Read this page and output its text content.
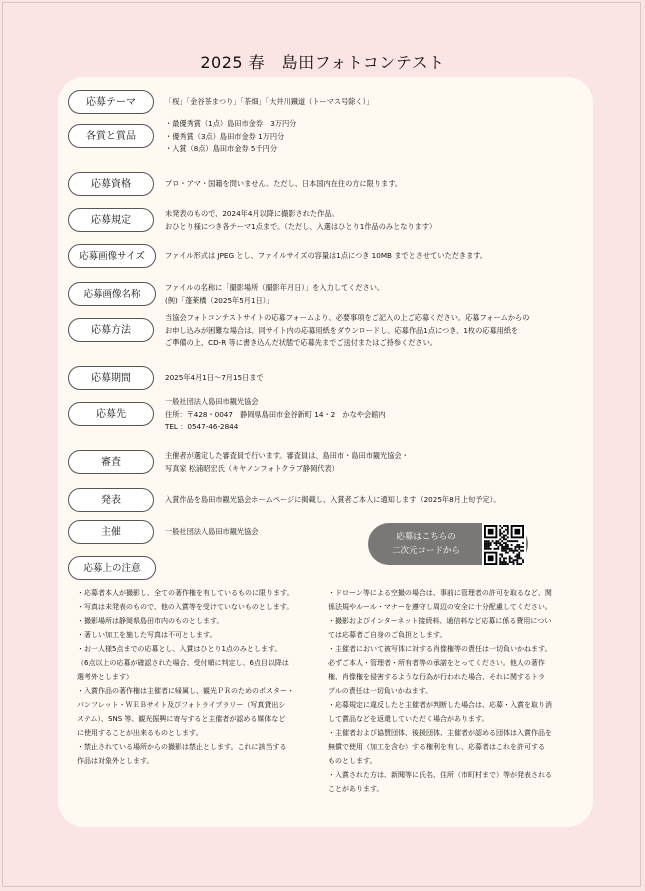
2025 春　島田フォトコンテスト
応募テーマ	「桜」「金谷茶まつり」「茶畑」「大井川鐵道（トーマス号除く）」
各賞と賞品
・最優秀賞（1点）島田市金券　3万円分
・優秀賞（3点）島田市金券 1万円分
・入賞（8点）島田市金券 5千円分
応募資格	プロ・アマ・国籍を問いません。ただし、日本国内在住の方に限ります。
応募規定
未発表のもので、2024年4月以降に撮影された作品。
おひとり様につき各テーマ1点まで。（ただし、入選はひとり1作品のみとなります）
応募画像サイズ	ファイル形式は JPEG とし、ファイルサイズの容量は1点につき 10MB までとさせていただきます。
応募画像名称
ファイルの名称に「撮影場所（撮影年月日）」を入力してください。
(例)「蓬莱橋（2025年5月1日）」
応募方法
当協会フォトコンテストサイトの応募フォームより、必要事項をご記入の上ご応募ください。応募フォームからの
お申し込みが困難な場合は、同サイト内の応募用紙をダウンロードし、応募作品1点につき、1枚の応募用紙を
ご準備の上、CD-R 等に書き込んだ状態で応募先までご送付またはご持参ください。
応募期間	2025年4月1日～7月15日まで
応募先
一般社団法人島田市観光協会
住所：〒428・0047　静岡県島田市金谷新町 14・2　かなや会館内
TEL ：0547-46-2844
審査
主催者が選定した審査員で行います。審査員は、島田市・島田市観光協会・
写真家 松浦昭宏氏（キヤノンフォトクラブ静岡代表）
発表	入賞作品を島田市観光協会ホームページに掲載し、入賞者ご本人に通知します（2025年8月上旬予定）。
主催	一般社団法人島田市観光協会
応募上の注意
応募はこちらの
二次元コードから

・応募者本人が撮影し、全ての著作権を有しているものに限ります。

・写真は未発表のもので、他の入賞等を受けていないものとします。

・撮影場所は静岡県島田市内のものとします。

・著しい加工を施した写真は不可とします。

・お一人様5点までの応募とし、入賞はひとり1点のみとします。

（6点以上の応募が確認された場合、受付順に判定し、6点目以降は

選考外とします）

・入賞作品の著作権は主催者に帰属し、観光ＰＲのためのポスター・

パンフレット・ＷＥＢサイト及びフォトライブラリー（写真貸出シ

ステム）、SNS 等、観光振興に寄与すると主催者が認める媒体など

に使用することが出来るものとします。

・禁止されている場所からの撮影は禁止とします。これに該当する

作品は対象外とします。

・ドローン等による空撮の場合は、事前に管理者の許可を取るなど、関

係法規やルール・マナーを遵守し周辺の安全に十分配慮してください。

・撮影およびインターネット接続料、通信料など応募に係る費用につい

ては応募者ご自身のご負担とします。

・主催者において被写体に対する肖像権等の責任は一切負いかねます。

必ずご本人・管理者・所有者等の承諾をとってください。他人の著作

権、肖像権を侵害するような行為が行われた場合、それに関するトラ

ブルの責任は一切負いかねます。

・応募規定に違反したと主催者が判断した場合は、応募・入賞を取り消

して賞品などを返還していただく場合があります。

・主催者および協賛団体、後援団体、主催者が認める団体は入賞作品を

無償で使用（加工を含む）する権利を有し、応募者はこれを許可する

ものとします。

・入賞された方は、新聞等に氏名、住所（市町村まで）等が発表される

ことがあります。
